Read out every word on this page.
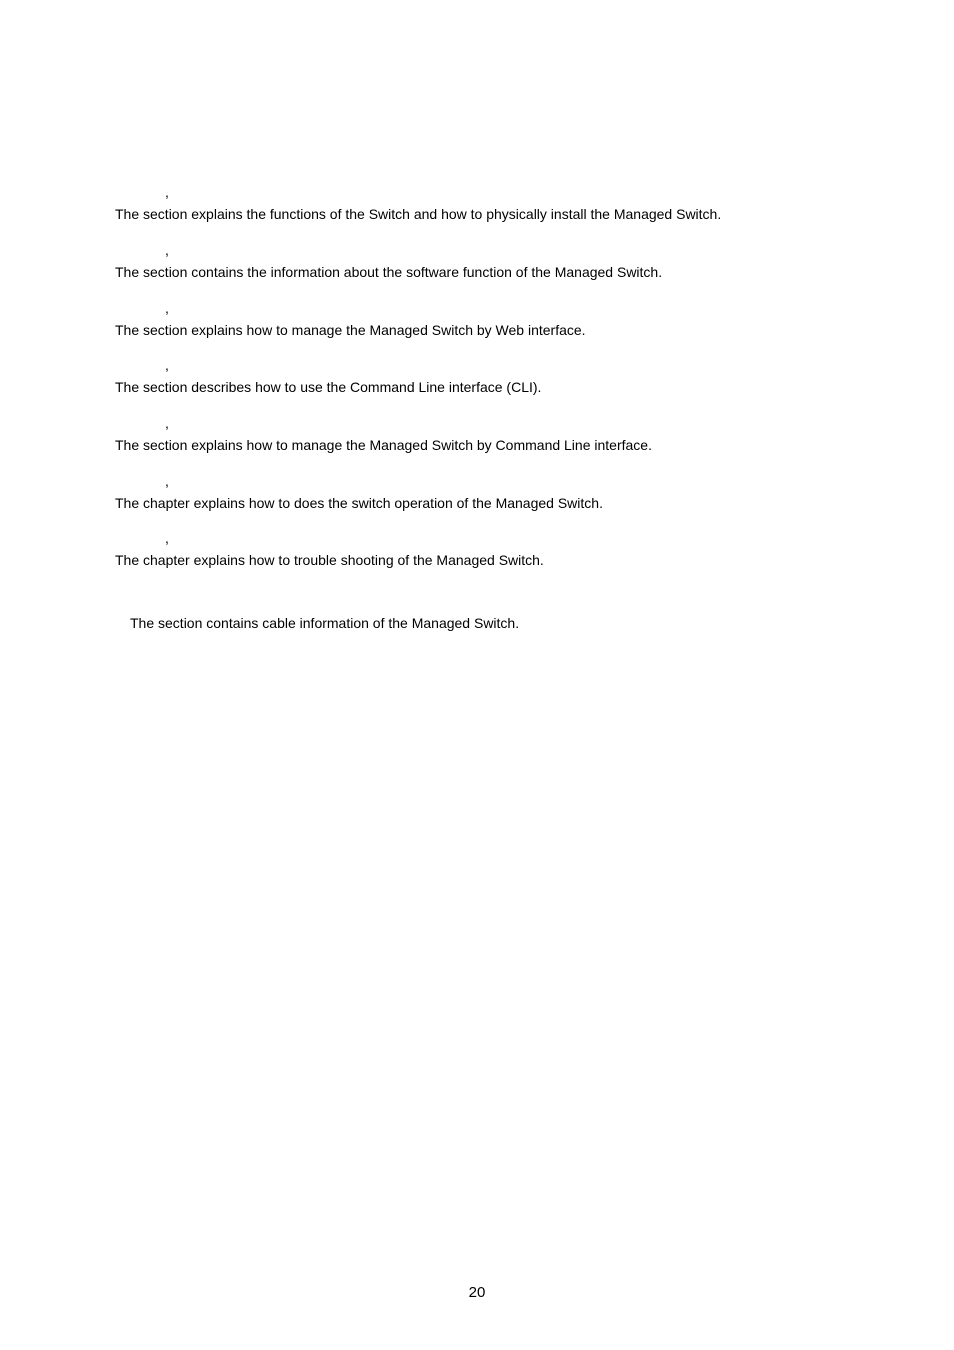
,
The section explains the functions of the Switch and how to physically install the Managed Switch.
,
The section contains the information about the software function of the Managed Switch.
,
The section explains how to manage the Managed Switch by Web interface.
,
The section describes how to use the Command Line interface (CLI).
,
The section explains how to manage the Managed Switch by Command Line interface.
,
The chapter explains how to does the switch operation of the Managed Switch.
,
The chapter explains how to trouble shooting of the Managed Switch.
The section contains cable information of the Managed Switch.
20
